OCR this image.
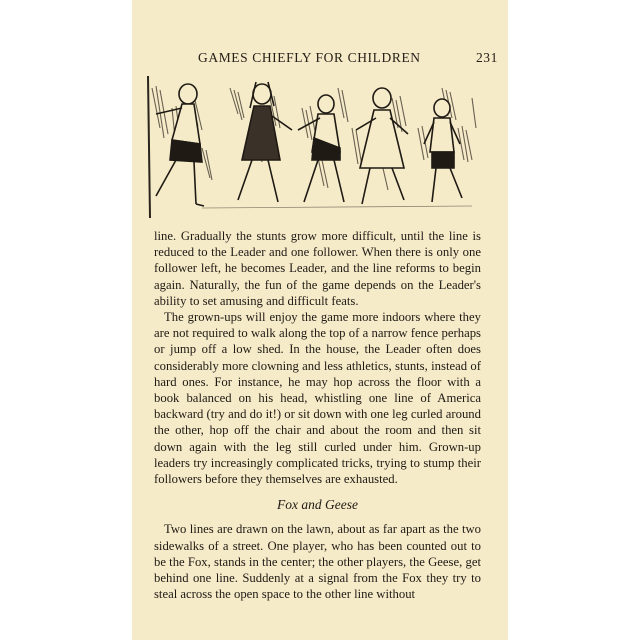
GAMES CHIEFLY FOR CHILDREN	231

line. Gradually the stunts grow more difficult, until the line is reduced to the Leader and one follower. When there is only one follower left, he becomes Leader, and the line reforms to begin again. Naturally, the fun of the game depends on the Leader's ability to set amusing and difficult feats.

The grown-ups will enjoy the game more indoors where they are not required to walk along the top of a narrow fence perhaps or jump off a low shed. In the house, the Leader often does considerably more clowning and less athletics, stunts, instead of hard ones. For instance, he may hop across the floor with a book balanced on his head, whistling one line of America backward (try and do it!) or sit down with one leg curled around the other, hop off the chair and about the room and then sit down again with the leg still curled under him. Grown-up leaders try increasingly complicated tricks, trying to stump their followers before they themselves are exhausted.

Fox and Geese

Two lines are drawn on the lawn, about as far apart as the two sidewalks of a street. One player, who has been counted out to be the Fox, stands in the center; the other players, the Geese, get behind one line. Suddenly at a signal from the Fox they try to steal across the open space to the other line without
